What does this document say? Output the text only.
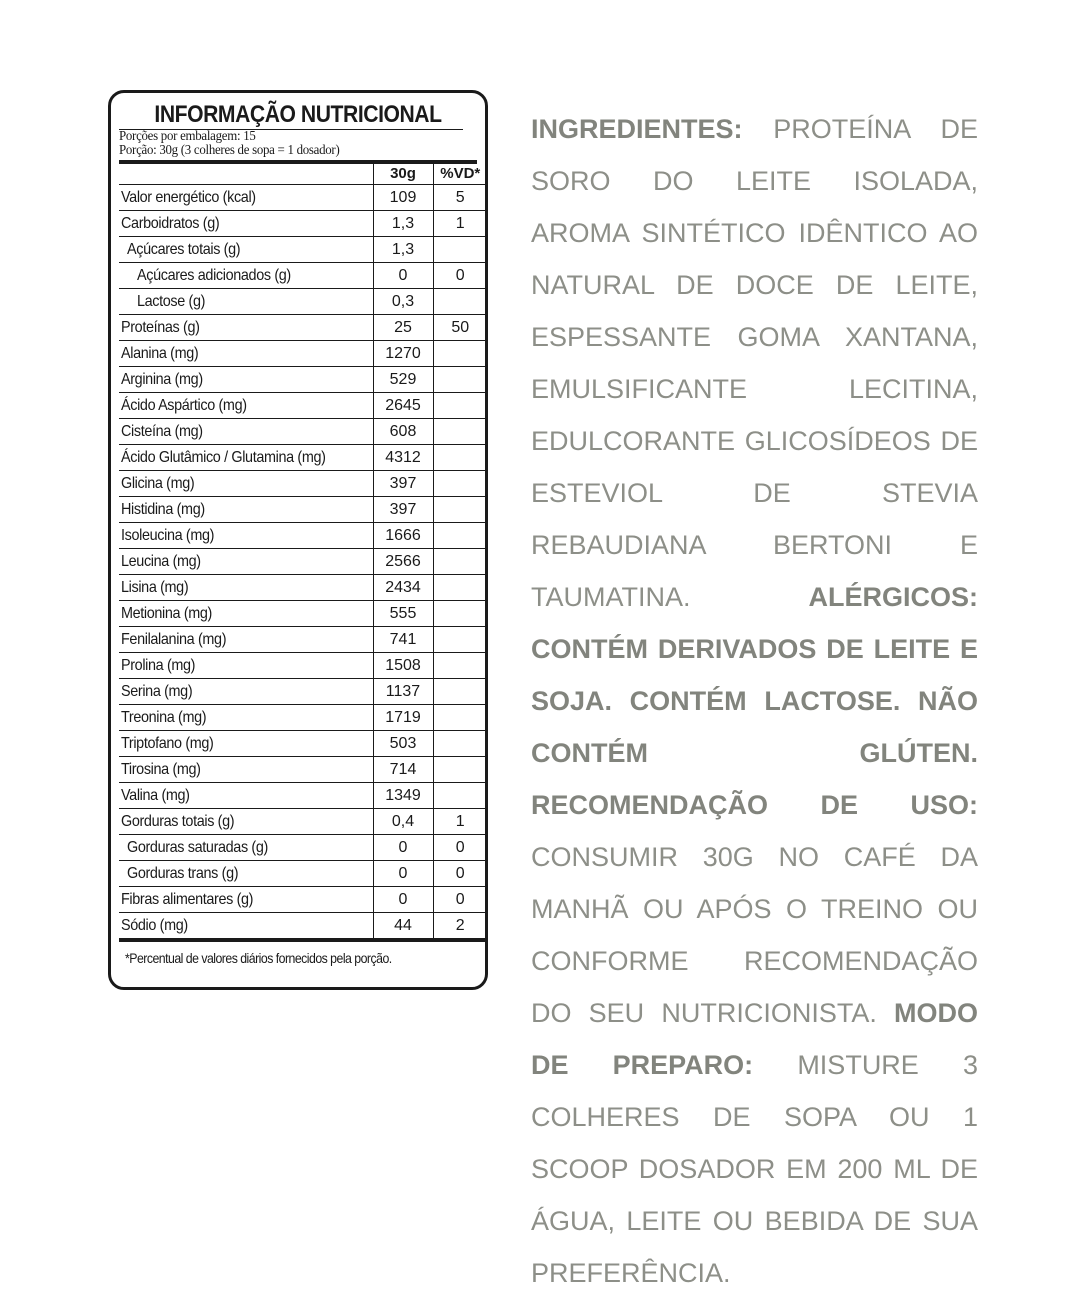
INFORMAÇÃO NUTRICIONAL
Porções por embalagem: 15
Porção: 30g (3 colheres de sopa = 1 dosador)
	30g	%VD*
Valor energético (kcal)	109	5
Carboidratos (g)	1,3	1
Açúcares totais (g)	1,3	
Açúcares adicionados (g)	0	0
Lactose (g)	0,3	
Proteínas (g)	25	50
Alanina (mg)	1270	
Arginina (mg)	529	
Ácido Aspártico (mg)	2645	
Cisteína (mg)	608	
Ácido Glutâmico / Glutamina (mg)	4312	
Glicina (mg)	397	
Histidina (mg)	397	
Isoleucina (mg)	1666	
Leucina (mg)	2566	
Lisina (mg)	2434	
Metionina (mg)	555	
Fenilalanina (mg)	741	
Prolina (mg)	1508	
Serina (mg)	1137	
Treonina (mg)	1719	
Triptofano (mg)	503	
Tirosina (mg)	714	
Valina (mg)	1349	
Gorduras totais (g)	0,4	1
Gorduras saturadas (g)	0	0
Gorduras trans (g)	0	0
Fibras alimentares (g)	0	0
Sódio (mg)	44	2
*Percentual de valores diários fornecidos pela porção.
INGREDIENTES: PROTEÍNA DE SORO DO LEITE ISOLADA, AROMA SINTÉTICO IDÊNTICO AO NATURAL DE DOCE DE LEITE, ESPESSANTE GOMA XANTANA, EMULSIFICANTE LECITINA, EDULCORANTE GLICOSÍDEOS DE ESTEVIOL DE STEVIA REBAUDIANA BERTONI E TAUMATINA. ALÉRGICOS: CONTÉM DERIVADOS DE LEITE E SOJA. CONTÉM LACTOSE. NÃO CONTÉM GLÚTEN. RECOMENDAÇÃO DE USO: CONSUMIR 30G NO CAFÉ DA MANHÃ OU APÓS O TREINO OU CONFORME RECOMENDAÇÃO DO SEU NUTRICIONISTA. MODO DE PREPARO: MISTURE 3 COLHERES DE SOPA OU 1 SCOOP DOSADOR EM 200 ML DE ÁGUA, LEITE OU BEBIDA DE SUA PREFERÊNCIA.
